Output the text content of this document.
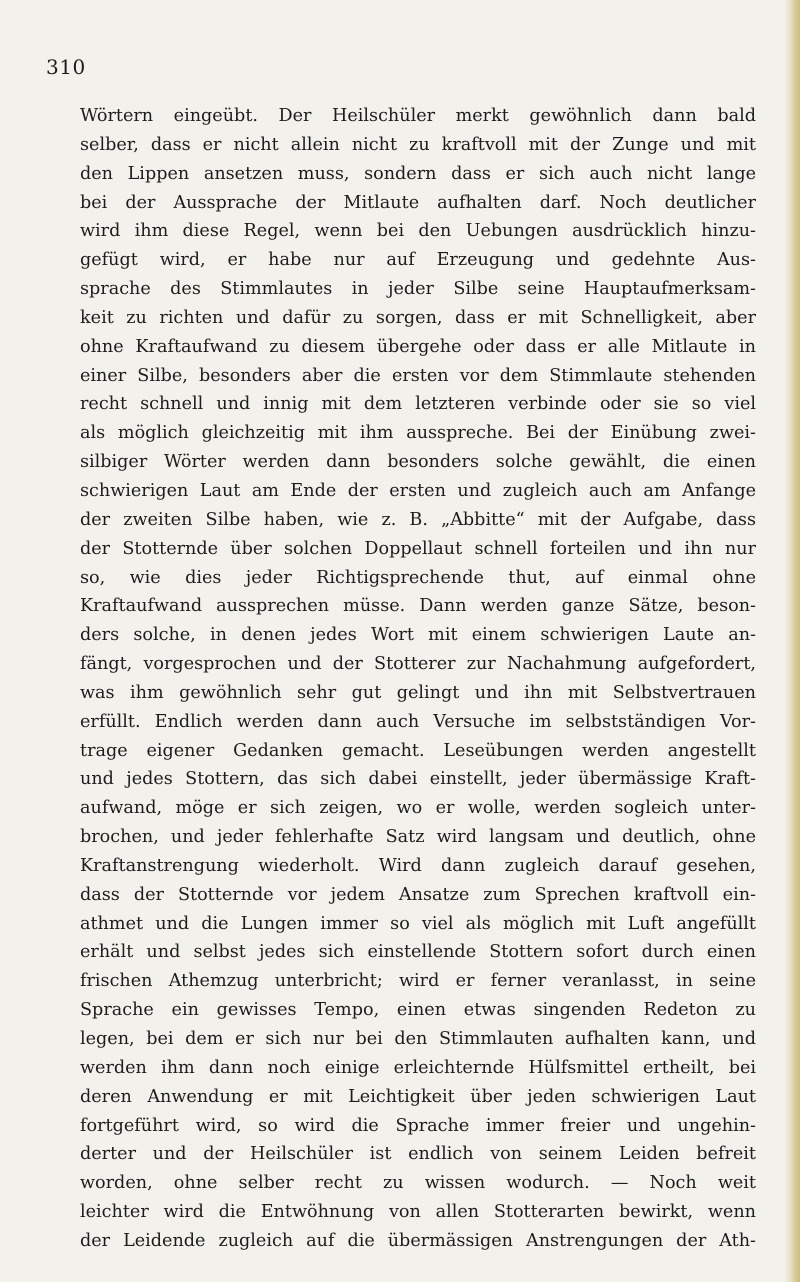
310
Wörtern eingeübt. Der Heilschüler merkt gewöhnlich dann bald
selber, dass er nicht allein nicht zu kraftvoll mit der Zunge und mit
den Lippen ansetzen muss, sondern dass er sich auch nicht lange
bei der Aussprache der Mitlaute aufhalten darf. Noch deutlicher
wird ihm diese Regel, wenn bei den Uebungen ausdrücklich hinzu-
gefügt wird, er habe nur auf Erzeugung und gedehnte Aus-
sprache des Stimmlautes in jeder Silbe seine Hauptaufmerksam-
keit zu richten und dafür zu sorgen, dass er mit Schnelligkeit, aber
ohne Kraftaufwand zu diesem übergehe oder dass er alle Mitlaute in
einer Silbe, besonders aber die ersten vor dem Stimmlaute stehenden
recht schnell und innig mit dem letzteren verbinde oder sie so viel
als möglich gleichzeitig mit ihm ausspreche. Bei der Einübung zwei-
silbiger Wörter werden dann besonders solche gewählt, die einen
schwierigen Laut am Ende der ersten und zugleich auch am Anfange
der zweiten Silbe haben, wie z. B. „Abbitte“ mit der Aufgabe, dass
der Stotternde über solchen Doppellaut schnell forteilen und ihn nur
so, wie dies jeder Richtigsprechende thut, auf einmal ohne
Kraftaufwand aussprechen müsse. Dann werden ganze Sätze, beson-
ders solche, in denen jedes Wort mit einem schwierigen Laute an-
fängt, vorgesprochen und der Stotterer zur Nachahmung aufgefordert,
was ihm gewöhnlich sehr gut gelingt und ihn mit Selbstvertrauen
erfüllt. Endlich werden dann auch Versuche im selbstständigen Vor-
trage eigener Gedanken gemacht. Leseübungen werden angestellt
und jedes Stottern, das sich dabei einstellt, jeder übermässige Kraft-
aufwand, möge er sich zeigen, wo er wolle, werden sogleich unter-
brochen, und jeder fehlerhafte Satz wird langsam und deutlich, ohne
Kraftanstrengung wiederholt. Wird dann zugleich darauf gesehen,
dass der Stotternde vor jedem Ansatze zum Sprechen kraftvoll ein-
athmet und die Lungen immer so viel als möglich mit Luft angefüllt
erhält und selbst jedes sich einstellende Stottern sofort durch einen
frischen Athemzug unterbricht; wird er ferner veranlasst, in seine
Sprache ein gewisses Tempo, einen etwas singenden Redeton zu
legen, bei dem er sich nur bei den Stimmlauten aufhalten kann, und
werden ihm dann noch einige erleichternde Hülfsmittel ertheilt, bei
deren Anwendung er mit Leichtigkeit über jeden schwierigen Laut
fortgeführt wird, so wird die Sprache immer freier und ungehin-
derter und der Heilschüler ist endlich von seinem Leiden befreit
worden, ohne selber recht zu wissen wodurch. — Noch weit
leichter wird die Entwöhnung von allen Stotterarten bewirkt, wenn
der Leidende zugleich auf die übermässigen Anstrengungen der Ath-
